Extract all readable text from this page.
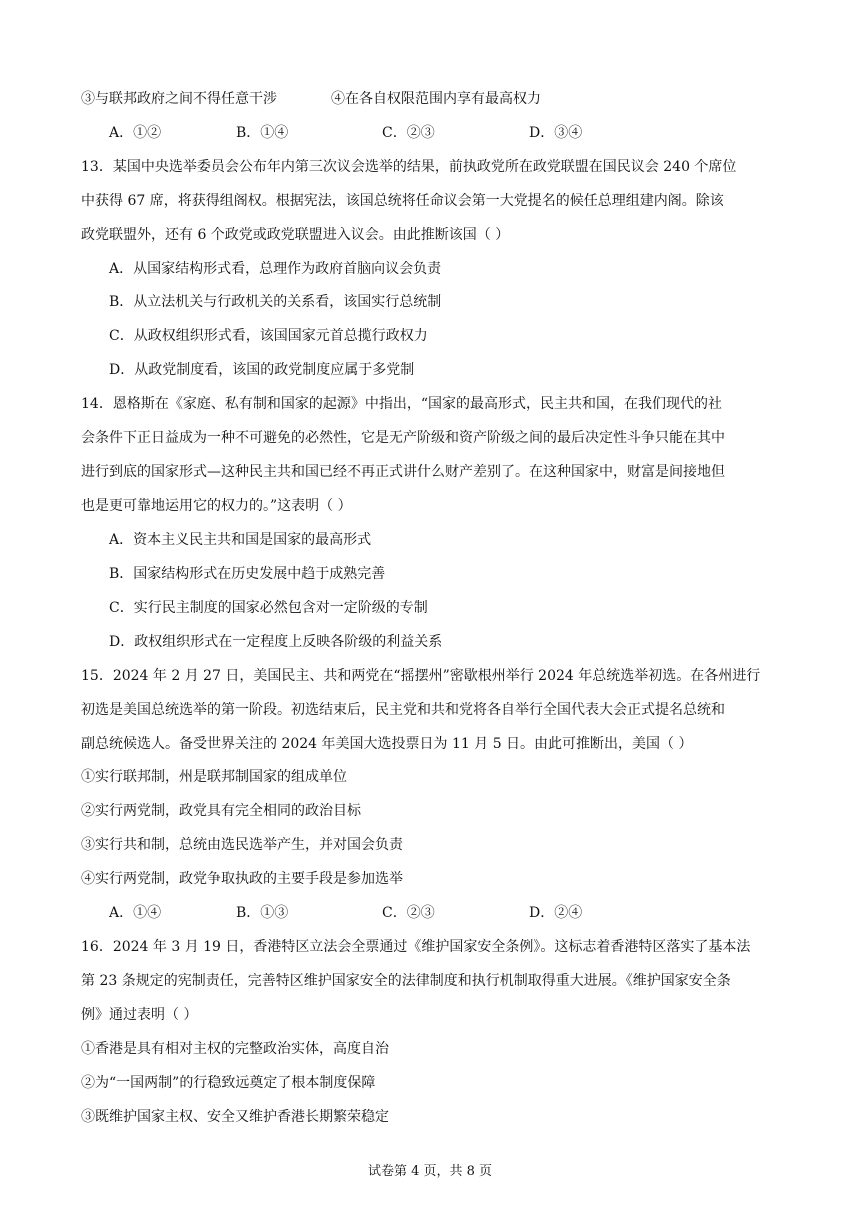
③与联邦政府之间不得任意干涉	④在各自权限范围内享有最高权力
A．①②	B．①④	C．②③	D．③④
13．某国中央选举委员会公布年内第三次议会选举的结果，前执政党所在政党联盟在国民议会 240 个席位
中获得 67 席，将获得组阁权。根据宪法，该国总统将任命议会第一大党提名的候任总理组建内阁。除该
政党联盟外，还有 6 个政党或政党联盟进入议会。由此推断该国（ ）
A．从国家结构形式看，总理作为政府首脑向议会负责
B．从立法机关与行政机关的关系看，该国实行总统制
C．从政权组织形式看，该国国家元首总揽行政权力
D．从政党制度看，该国的政党制度应属于多党制
14．恩格斯在《家庭、私有制和国家的起源》中指出，“国家的最高形式，民主共和国，在我们现代的社
会条件下正日益成为一种不可避免的必然性，它是无产阶级和资产阶级之间的最后决定性斗争只能在其中
进行到底的国家形式—这种民主共和国已经不再正式讲什么财产差别了。在这种国家中，财富是间接地但
也是更可靠地运用它的权力的。”这表明（ ）
A．资本主义民主共和国是国家的最高形式
B．国家结构形式在历史发展中趋于成熟完善
C．实行民主制度的国家必然包含对一定阶级的专制
D．政权组织形式在一定程度上反映各阶级的利益关系
15．2024 年 2 月 27 日，美国民主、共和两党在“摇摆州”密歇根州举行 2024 年总统选举初选。在各州进行
初选是美国总统选举的第一阶段。初选结束后，民主党和共和党将各自举行全国代表大会正式提名总统和
副总统候选人。备受世界关注的 2024 年美国大选投票日为 11 月 5 日。由此可推断出，美国（ ）
①实行联邦制，州是联邦制国家的组成单位
②实行两党制，政党具有完全相同的政治目标
③实行共和制，总统由选民选举产生，并对国会负责
④实行两党制，政党争取执政的主要手段是参加选举
A．①④	B．①③	C．②③	D．②④
16．2024 年 3 月 19 日，香港特区立法会全票通过《维护国家安全条例》。这标志着香港特区落实了基本法
第 23 条规定的宪制责任，完善特区维护国家安全的法律制度和执行机制取得重大进展。《维护国家安全条
例》通过表明（ ）
①香港是具有相对主权的完整政治实体，高度自治
②为“一国两制”的行稳致远奠定了根本制度保障
③既维护国家主权、安全又维护香港长期繁荣稳定
试卷第 4 页，共 8 页
